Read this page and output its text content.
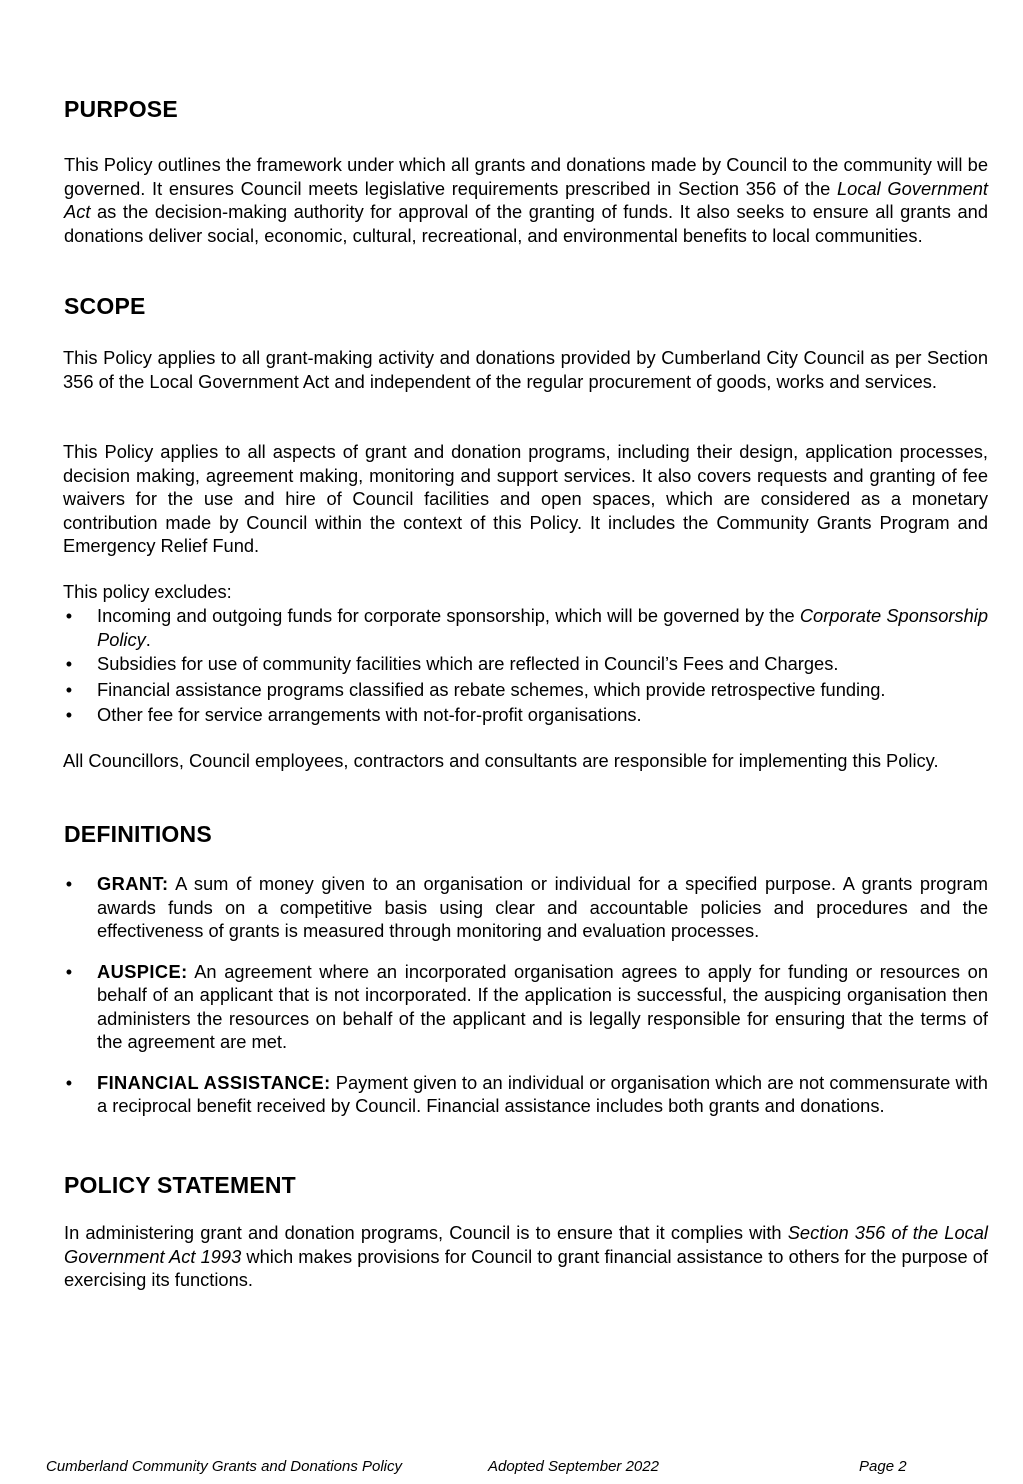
PURPOSE

This Policy outlines the framework under which all grants and donations made by Council to the community will be governed. It ensures Council meets legislative requirements prescribed in Section 356 of the Local Government Act as the decision-making authority for approval of the granting of funds. It also seeks to ensure all grants and donations deliver social, economic, cultural, recreational, and environmental benefits to local communities.

SCOPE

This Policy applies to all grant-making activity and donations provided by Cumberland City Council as per Section 356 of the Local Government Act and independent of the regular procurement of goods, works and services.

This Policy applies to all aspects of grant and donation programs, including their design, application processes, decision making, agreement making, monitoring and support services. It also covers requests and granting of fee waivers for the use and hire of Council facilities and open spaces, which are considered as a monetary contribution made by Council within the context of this Policy. It includes the Community Grants Program and Emergency Relief Fund.

This policy excludes:

• Incoming and outgoing funds for corporate sponsorship, which will be governed by the Corporate Sponsorship Policy.
• Subsidies for use of community facilities which are reflected in Council’s Fees and Charges.
• Financial assistance programs classified as rebate schemes, which provide retrospective funding.
• Other fee for service arrangements with not-for-profit organisations.

All Councillors, Council employees, contractors and consultants are responsible for implementing this Policy.

DEFINITIONS
• GRANT: A sum of money given to an organisation or individual for a specified purpose. A grants program awards funds on a competitive basis using clear and accountable policies and procedures and the effectiveness of grants is measured through monitoring and evaluation processes.
• AUSPICE: An agreement where an incorporated organisation agrees to apply for funding or resources on behalf of an applicant that is not incorporated. If the application is successful, the auspicing organisation then administers the resources on behalf of the applicant and is legally responsible for ensuring that the terms of the agreement are met.
• FINANCIAL ASSISTANCE: Payment given to an individual or organisation which are not commensurate with a reciprocal benefit received by Council. Financial assistance includes both grants and donations.
POLICY STATEMENT

In administering grant and donation programs, Council is to ensure that it complies with Section 356 of the Local Government Act 1993 which makes provisions for Council to grant financial assistance to others for the purpose of exercising its functions.

Cumberland Community Grants and Donations Policy	Adopted September 2022	Page 2
